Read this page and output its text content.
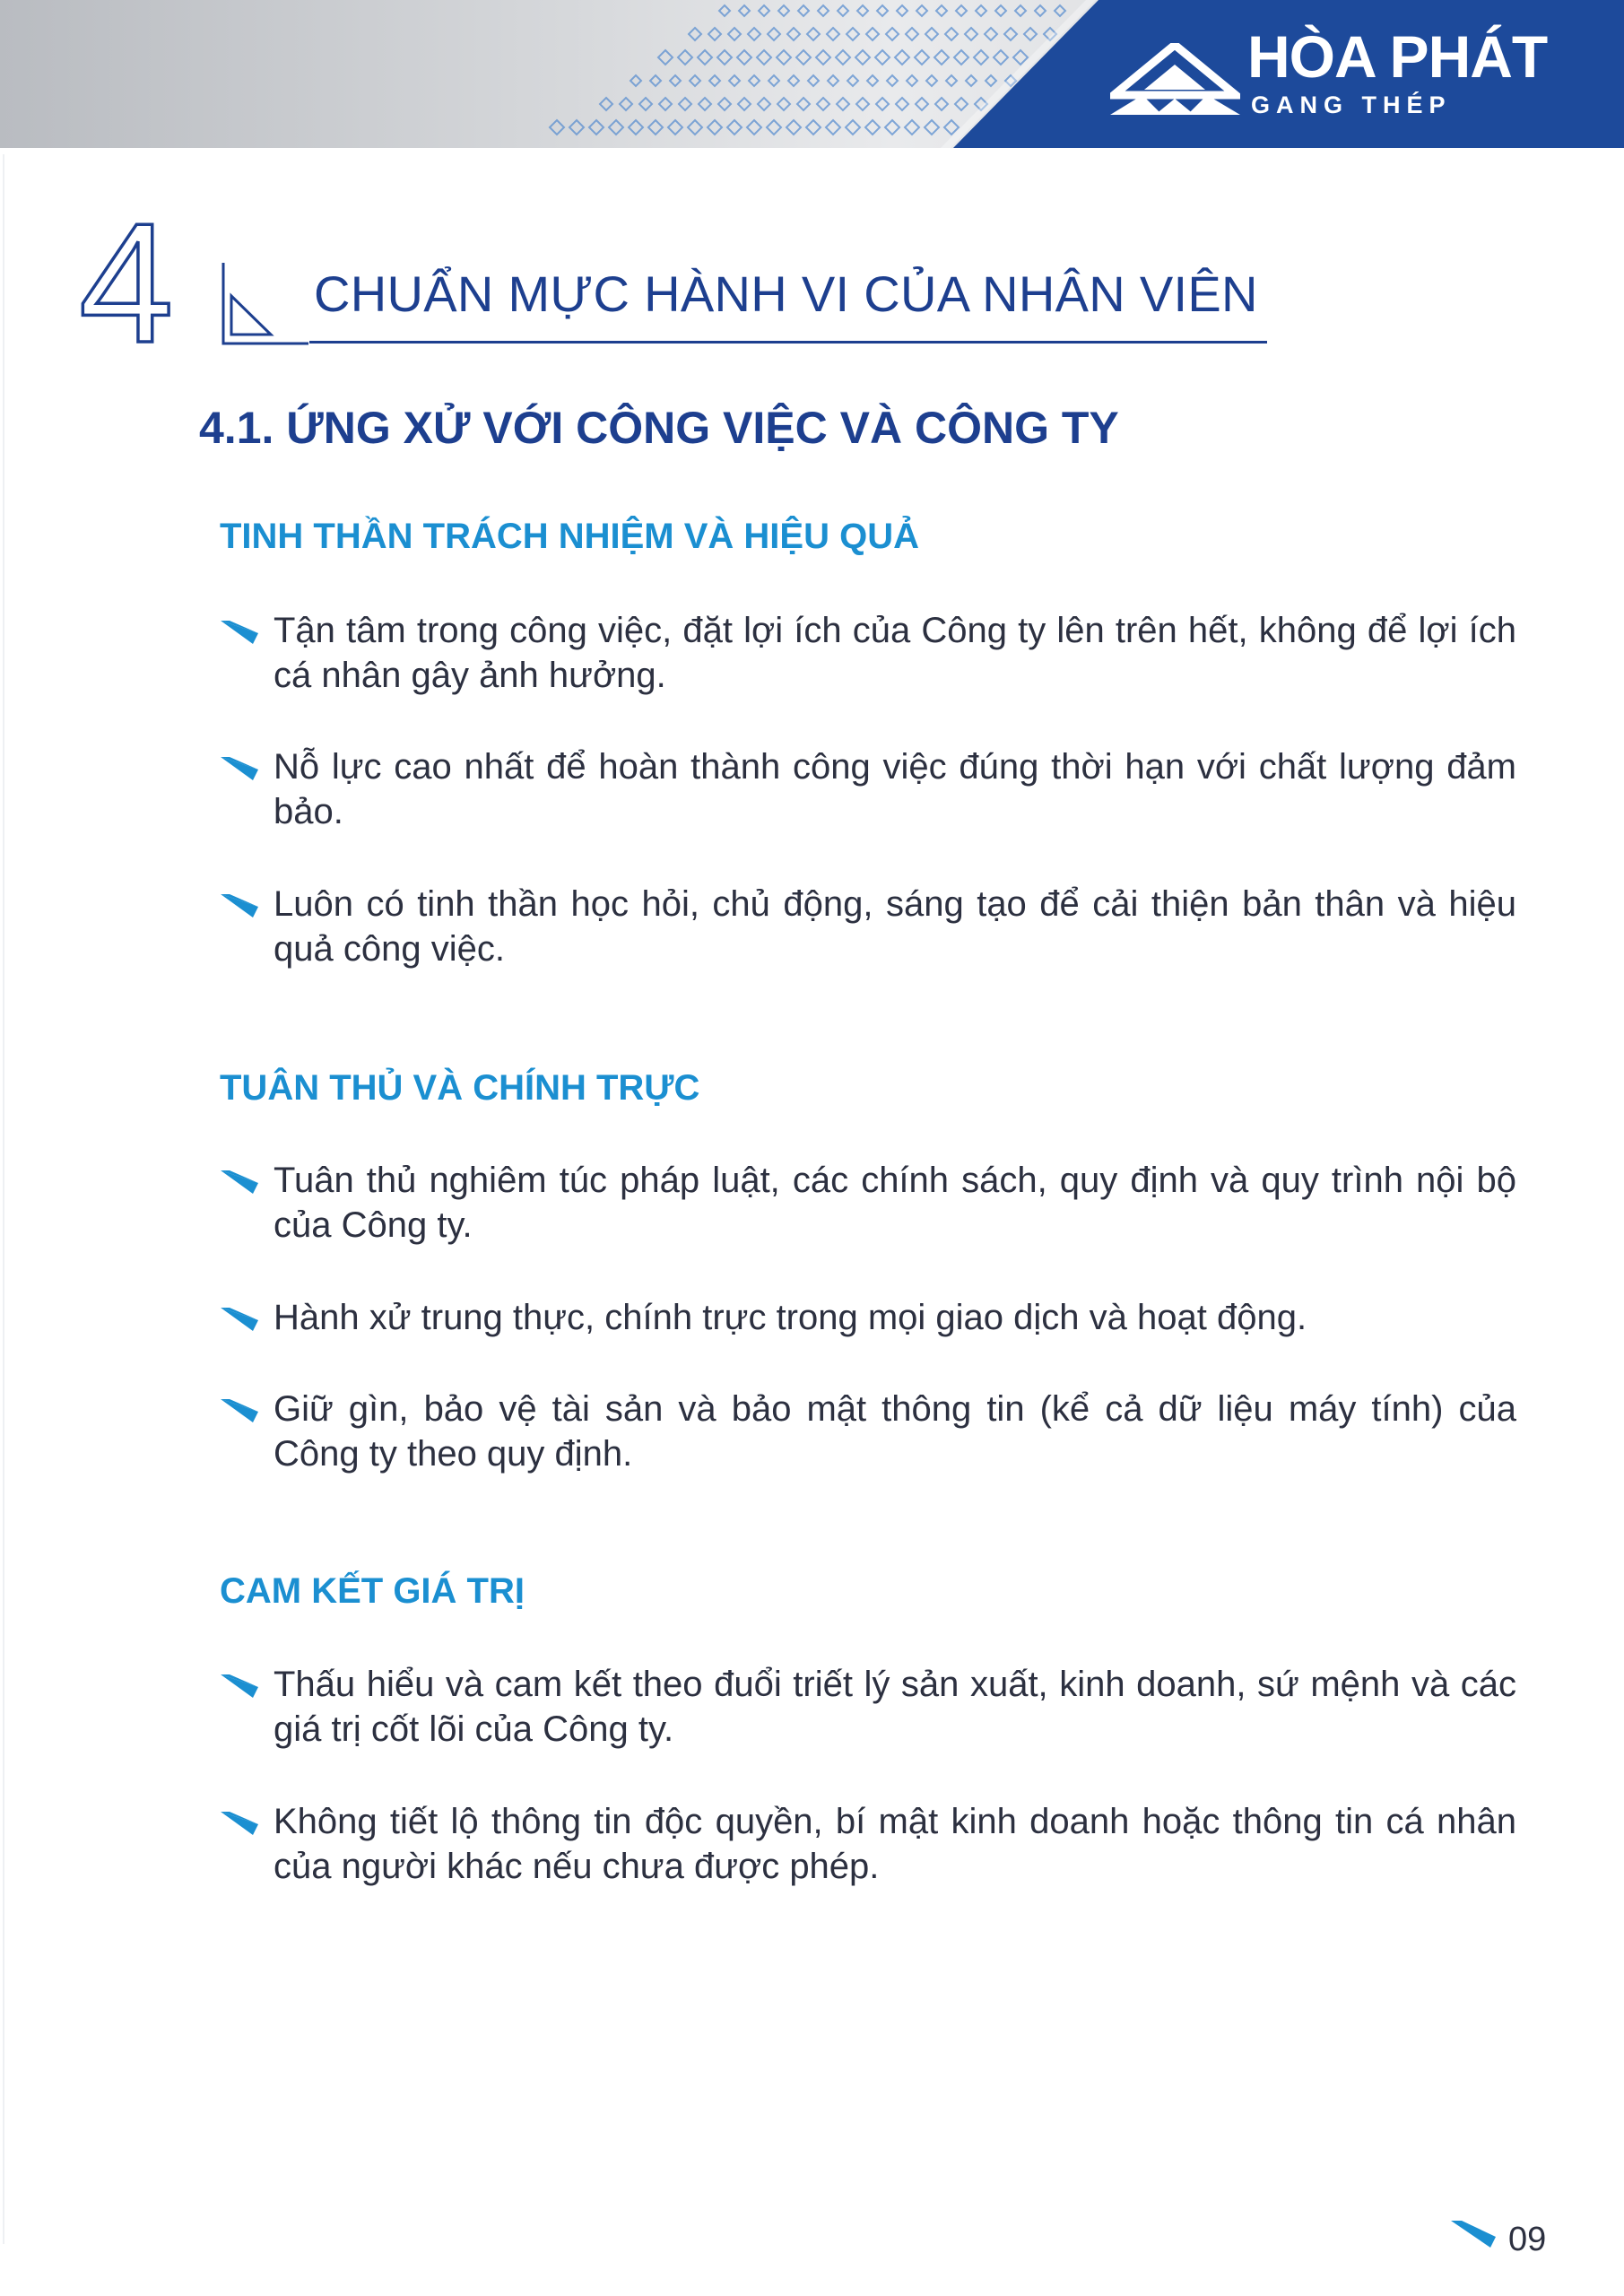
HÒA PHÁT
GANG THÉP
4	CHUẨN MỰC HÀNH VI CỦA NHÂN VIÊN
4.1. ỨNG XỬ VỚI CÔNG VIỆC VÀ CÔNG TY
TINH THẦN TRÁCH NHIỆM VÀ HIỆU QUẢ
Tận tâm trong công việc, đặt lợi ích của Công ty lên trên hết, không để lợi ích cá nhân gây ảnh hưởng.
Nỗ lực cao nhất để hoàn thành công việc đúng thời hạn với chất lượng đảm bảo.
Luôn có tinh thần học hỏi, chủ động, sáng tạo để cải thiện bản thân và hiệu quả công việc.
TUÂN THỦ VÀ CHÍNH TRỰC
Tuân thủ nghiêm túc pháp luật, các chính sách, quy định và quy trình nội bộ của Công ty.
Hành xử trung thực, chính trực trong mọi giao dịch và hoạt động.
Giữ gìn, bảo vệ tài sản và bảo mật thông tin (kể cả dữ liệu máy tính) của Công ty theo quy định.
CAM KẾT GIÁ TRỊ
Thấu hiểu và cam kết theo đuổi triết lý sản xuất, kinh doanh, sứ mệnh và các giá trị cốt lõi của Công ty.
Không tiết lộ thông tin độc quyền, bí mật kinh doanh hoặc thông tin cá nhân của người khác nếu chưa được phép.
09
